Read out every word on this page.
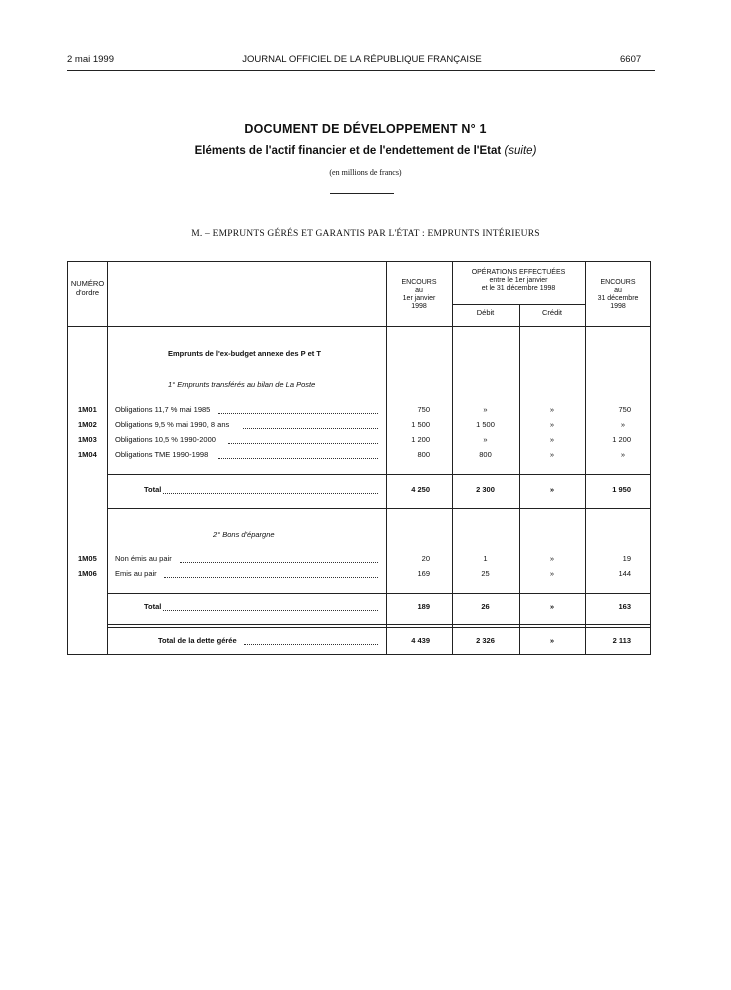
2 mai 1999	JOURNAL OFFICIEL DE LA RÉPUBLIQUE FRANÇAISE	6607
DOCUMENT DE DÉVELOPPEMENT N° 1
Eléments de l'actif financier et de l'endettement de l'Etat (suite)
(en millions de francs)
M. – EMPRUNTS GÉRÉS ET GARANTIS PAR L'ÉTAT : EMPRUNTS INTÉRIEURS
NUMÉRO
d'ordre
ENCOURS
au
1er janvier
1998
OPÉRATIONS EFFECTUÉES
entre le 1er janvier
et le 31 décembre 1998
Débit	Crédit
ENCOURS
au
31 décembre
1998
Emprunts de l'ex-budget annexe des P et T
1° Emprunts transférés au bilan de La Poste
1M01 Obligations 11,7 % mai 1985	750	»	»	750
1M02 Obligations 9,5 % mai 1990, 8 ans	1 500	1 500	»	»
1M03 Obligations 10,5 % 1990-2000	1 200	»	»	1 200
1M04 Obligations TME 1990-1998	800	800	»	»
Total	4 250	2 300	»	1 950
2° Bons d'épargne
1M05 Non émis au pair	20	1	»	19
1M06 Emis au pair	169	25	»	144
Total	189	26	»	163
Total de la dette gérée	4 439	2 326	»	2 113
